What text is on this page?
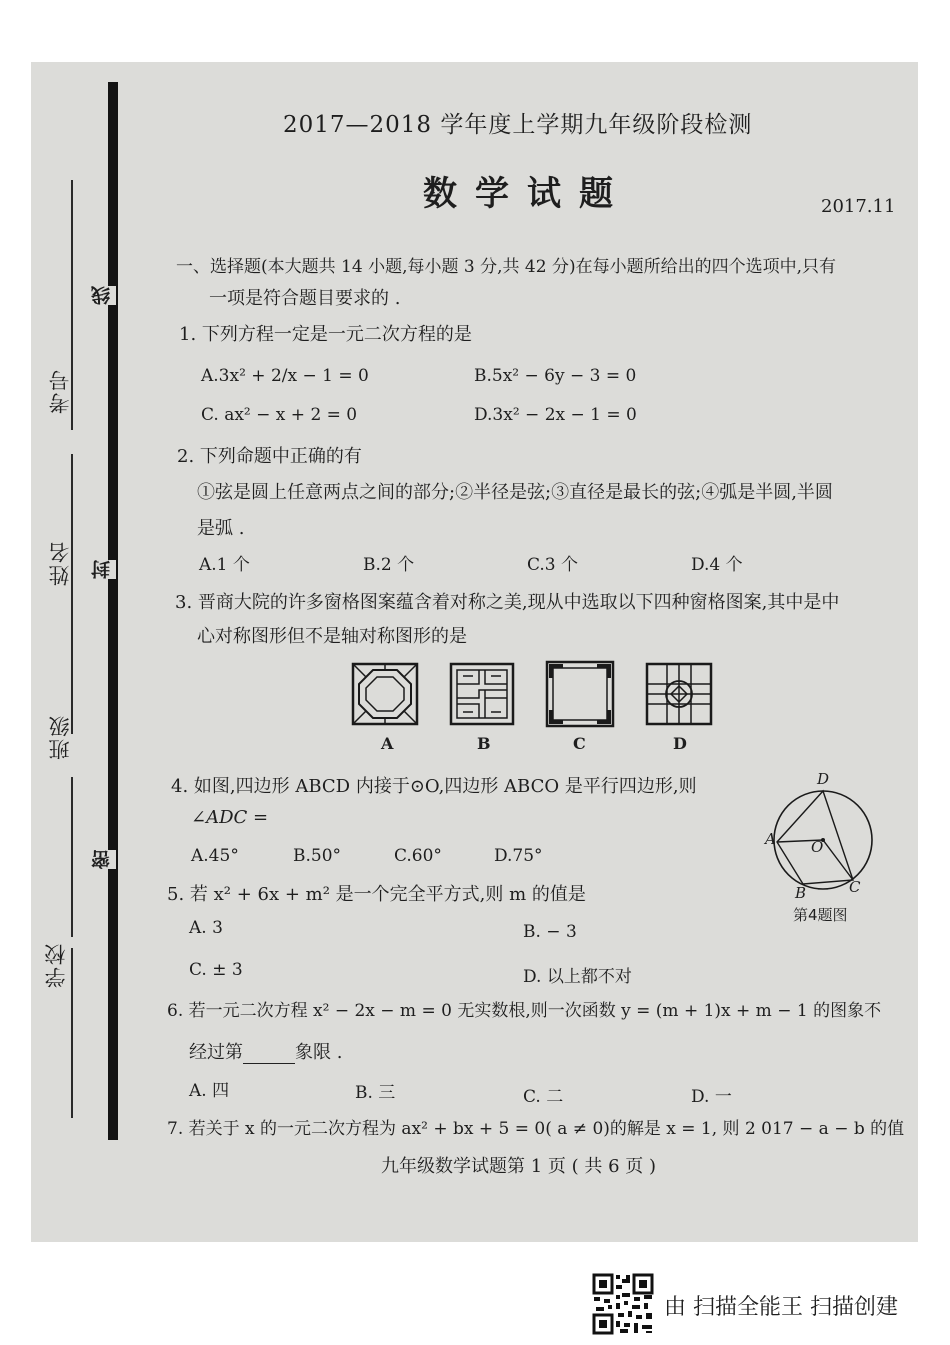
考号
姓名
班级
学校
线
封
密
2017—2018 学年度上学期九年级阶段检测
数学试题	2017.11
一、选择题(本大题共 14 小题,每小题 3 分,共 42 分)在每小题所给出的四个选项中,只有
一项是符合题目要求的 .
1. 下列方程一定是一元二次方程的是
A.3x² + 2/x − 1 = 0	B.5x² − 6y − 3 = 0
C. ax² − x + 2 = 0	D.3x² − 2x − 1 = 0
2. 下列命题中正确的有
①弦是圆上任意两点之间的部分;②半径是弦;③直径是最长的弦;④弧是半圆,半圆
是弧 .
A.1 个	B.2 个	C.3 个	D.4 个
3. 晋商大院的许多窗格图案蕴含着对称之美,现从中选取以下四种窗格图案,其中是中
心对称图形但不是轴对称图形的是
A	B	C	D
4. 如图,四边形 ABCD 内接于⊙O,四边形 ABCO 是平行四边形,则
∠ADC =
A.45°	B.50°	C.60°	D.75°
D
A O
B	C
第4题图
5. 若 x² + 6x + m² 是一个完全平方式,则 m 的值是
A. 3	B. − 3
C. ± 3	D. 以上都不对
6. 若一元二次方程 x² − 2x − m = 0 无实数根,则一次函数 y = (m + 1)x + m − 1 的图象不
经过第	象限 .
A. 四	B. 三	C. 二	D. 一
7. 若关于 x 的一元二次方程为 ax² + bx + 5 = 0( a ≠ 0)的解是 x = 1, 则 2 017 − a − b 的值
九年级数学试题第 1 页 ( 共 6 页 )
由 扫描全能王 扫描创建
